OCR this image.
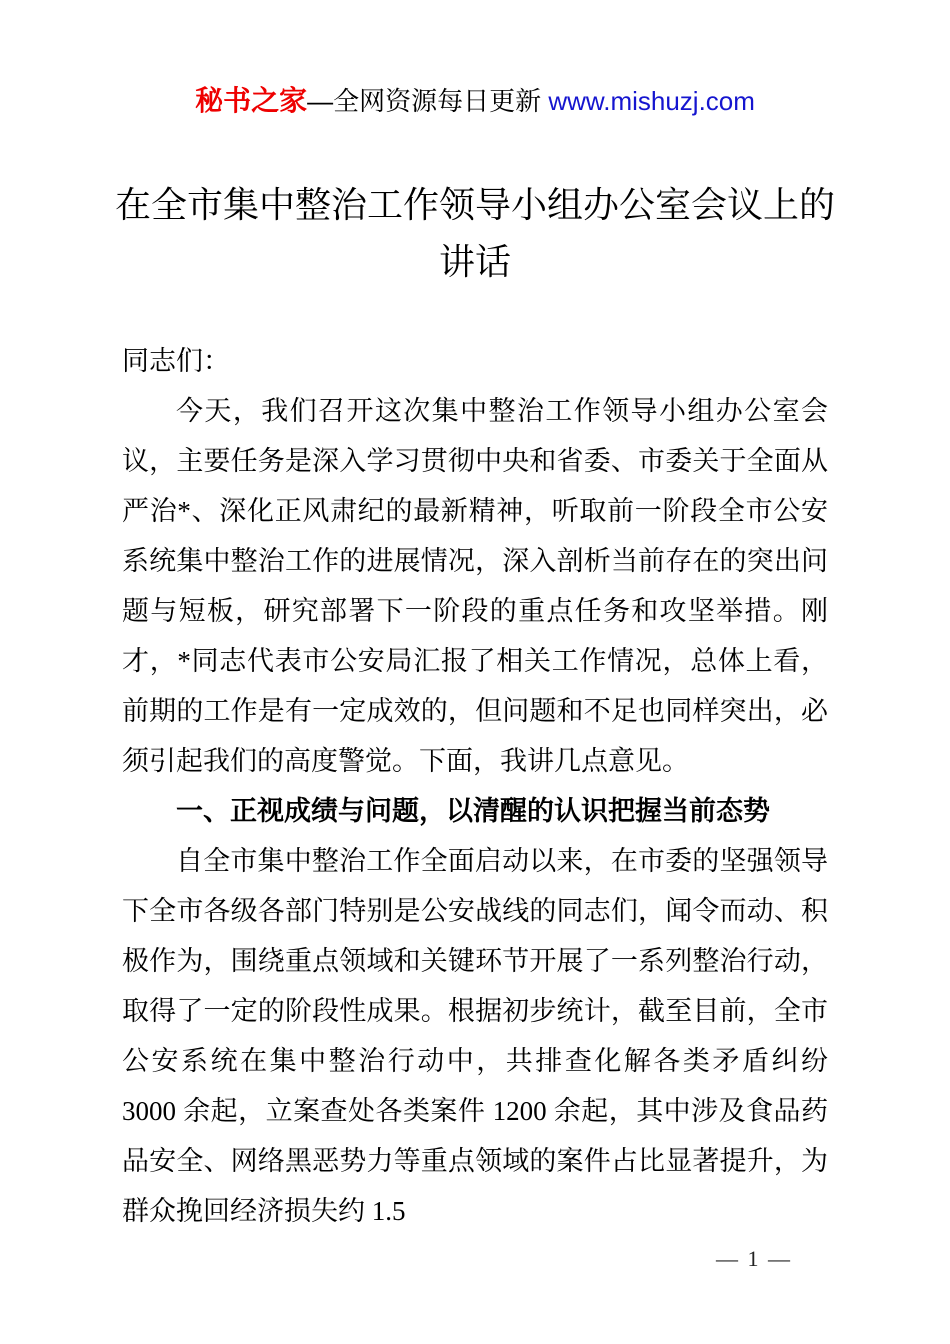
秘书之家—全网资源每日更新 www.mishuzj.com
在全市集中整治工作领导小组办公室会议上的讲话

同志们：

今天，我们召开这次集中整治工作领导小组办公室会议，主要任务是深入学习贯彻中央和省委、市委关于全面从严治*、深化正风肃纪的最新精神，听取前一阶段全市公安系统集中整治工作的进展情况，深入剖析当前存在的突出问题与短板，研究部署下一阶段的重点任务和攻坚举措。刚才，*同志代表市公安局汇报了相关工作情况，总体上看，前期的工作是有一定成效的，但问题和不足也同样突出，必须引起我们的高度警觉。下面，我讲几点意见。

一、正视成绩与问题，以清醒的认识把握当前态势

自全市集中整治工作全面启动以来，在市委的坚强领导下全市各级各部门特别是公安战线的同志们，闻令而动、积极作为，围绕重点领域和关键环节开展了一系列整治行动，取得了一定的阶段性成果。根据初步统计，截至目前，全市公安系统在集中整治行动中，共排查化解各类矛盾纠纷 3000 余起，立案查处各类案件 1200 余起，其中涉及食品药品安全、网络黑恶势力等重点领域的案件占比显著提升，为群众挽回经济损失约 1.5

— 1 —
